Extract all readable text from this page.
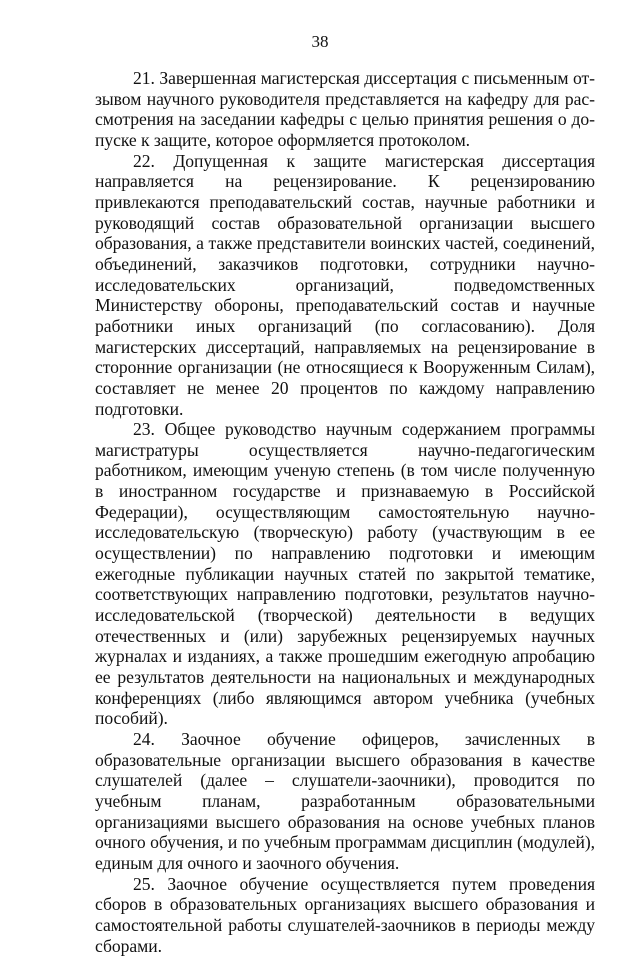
38

21. Завершенная магистерская диссертация с письменным отзывом научного руководителя представляется на кафедру для рассмотрения на заседании кафедры с целью принятия решения о допуске к защите, которое оформляется протоколом.

22. Допущенная к защите магистерская диссертация направляется на рецензирование. К рецензированию привлекаются преподавательский состав, научные работники и руководящий состав образовательной организации высшего образования, а также представители воинских частей, соединений, объединений, заказчиков подготовки, сотрудники научно-исследовательских организаций, подведомственных Министерству обороны, преподавательский состав и научные работники иных организаций (по согласованию). Доля магистерских диссертаций, направляемых на рецензирование в сторонние организации (не относящиеся к Вооруженным Силам), составляет не менее 20 процентов по каждому направлению подготовки.

23. Общее руководство научным содержанием программы магистратуры осуществляется научно-педагогическим работником, имеющим ученую степень (в том числе полученную в иностранном государстве и признаваемую в Российской Федерации), осуществляющим самостоятельную научно-исследовательскую (творческую) работу (участвующим в ее осуществлении) по направлению подготовки и имеющим ежегодные публикации научных статей по закрытой тематике, соответствующих направлению подготовки, результатов научно-исследовательской (творческой) деятельности в ведущих отечественных и (или) зарубежных рецензируемых научных журналах и изданиях, а также прошедшим ежегодную апробацию ее результатов деятельности на национальных и международных конференциях (либо являющимся автором учебника (учебных пособий).

24. Заочное обучение офицеров, зачисленных в образовательные организации высшего образования в качестве слушателей (далее – слушатели-заочники), проводится по учебным планам, разработанным образовательными организациями высшего образования на основе учебных планов очного обучения, и по учебным программам дисциплин (модулей), единым для очного и заочного обучения.

25. Заочное обучение осуществляется путем проведения сборов в образовательных организациях высшего образования и самостоятельной работы слушателей-заочников в периоды между сборами.
